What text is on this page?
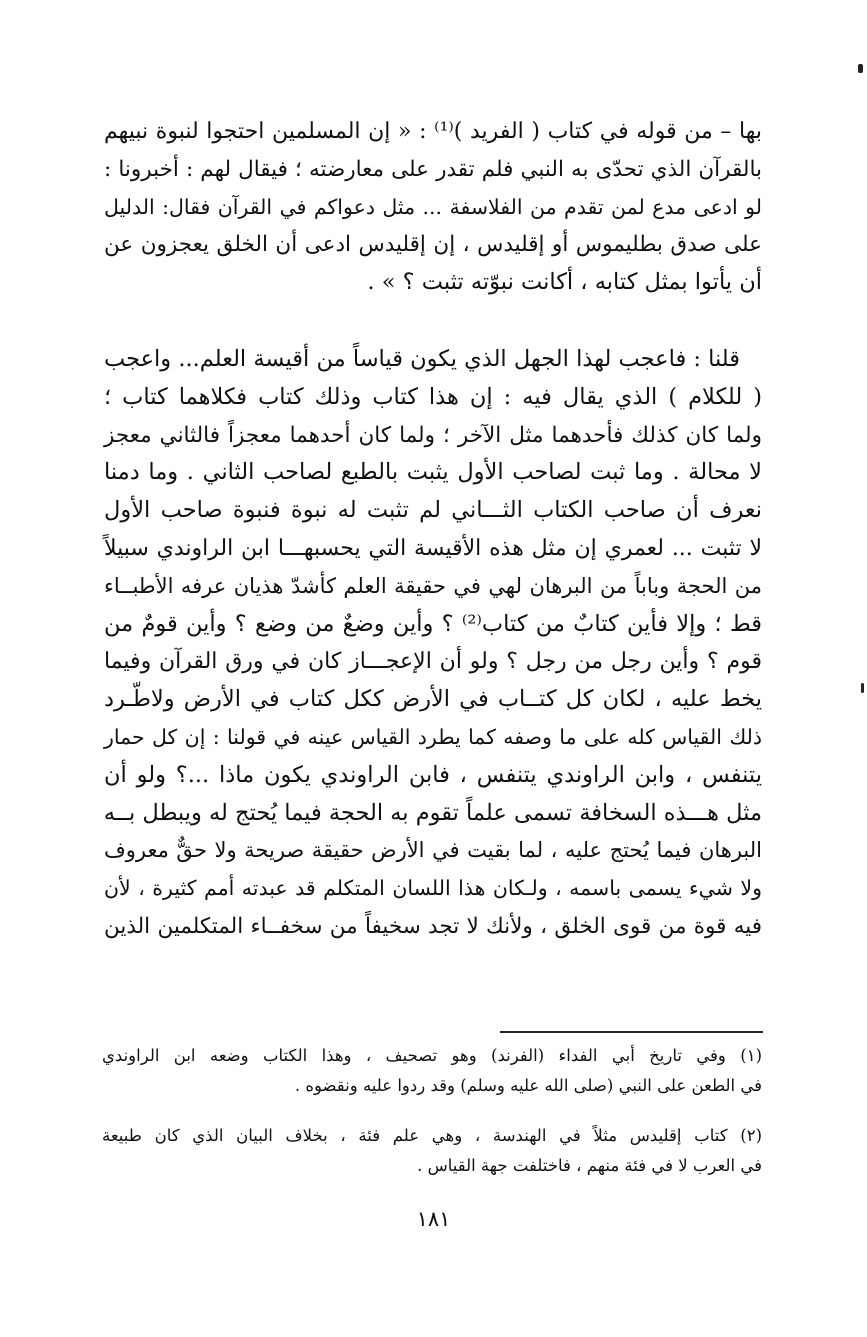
بها – من قوله في كتاب ( الفريد )⁽¹⁾ : « إن المسلمين احتجوا لنبوة نبيهم
بالقرآن الذي تحدّى به النبي فلم تقدر على معارضته ؛ فيقال لهم : أخبرونا :
لو ادعى مدع لمن تقدم من الفلاسفة ... مثل دعواكم في القرآن فقال: الدليل
على صدق بطليموس أو إقليدس ، إن إقليدس ادعى أن الخلق يعجزون عن
أن يأتوا بمثل كتابه ، أكانت نبوّته تثبت ؟ » .

قلنا : فاعجب لهذا الجهل الذي يكون قياساً من أقيسة العلم... واعجب
( للكلام ) الذي يقال فيه : إن هذا كتاب وذلك كتاب فكلاهما كتاب ؛
ولما كان كذلك فأحدهما مثل الآخر ؛ ولما كان أحدهما معجزاً فالثاني معجز
لا محالة . وما ثبت لصاحب الأول يثبت بالطبع لصاحب الثاني . وما دمنا
نعرف أن صاحب الكتاب الثـــاني لم تثبت له نبوة فنبوة صاحب الأول
لا تثبت ... لعمري إن مثل هذه الأقيسة التي يحسبهـــا ابن الراوندي سبيلاً
من الحجة وباباً من البرهان لهي في حقيقة العلم كأشدّ هذيان عرفه الأطبــاء
قط ؛ وإلا فأين كتابٌ من كتاب⁽²⁾ ؟ وأين وضعٌ من وضع ؟ وأين قومٌ من
قوم ؟ وأين رجل من رجل ؟ ولو أن الإعجـــاز كان في ورق القرآن وفيما
يخط عليه ، لكان كل كتــاب في الأرض ككل كتاب في الأرض ولاطّـرد
ذلك القياس كله على ما وصفه كما يطرد القياس عينه في قولنا : إن كل حمار
يتنفس ، وابن الراوندي يتنفس ، فابن الراوندي يكون ماذا ...؟ ولو أن
مثل هـــذه السخافة تسمى علماً تقوم به الحجة فيما يُحتج له ويبطل بــه
البرهان فيما يُحتج عليه ، لما بقيت في الأرض حقيقة صريحة ولا حقٌّ معروف
ولا شيء يسمى باسمه ، ولـكان هذا اللسان المتكلم قد عبدته أمم كثيرة ، لأن
فيه قوة من قوى الخلق ، ولأنك لا تجد سخيفاً من سخفــاء المتكلمين الذين

(١) وفي تاريخ أبي الفداء (الفرند) وهو تصحيف ، وهذا الكتاب وضعه ابن الراوندي
في الطعن على النبي (صلى الله عليه وسلم) وقد ردوا عليه ونقضوه .

(٢) كتاب إقليدس مثلاً في الهندسة ، وهي علم فئة ، بخلاف البيان الذي كان طبيعة
في العرب لا في فئة منهم ، فاختلفت جهة القياس .

١٨١
